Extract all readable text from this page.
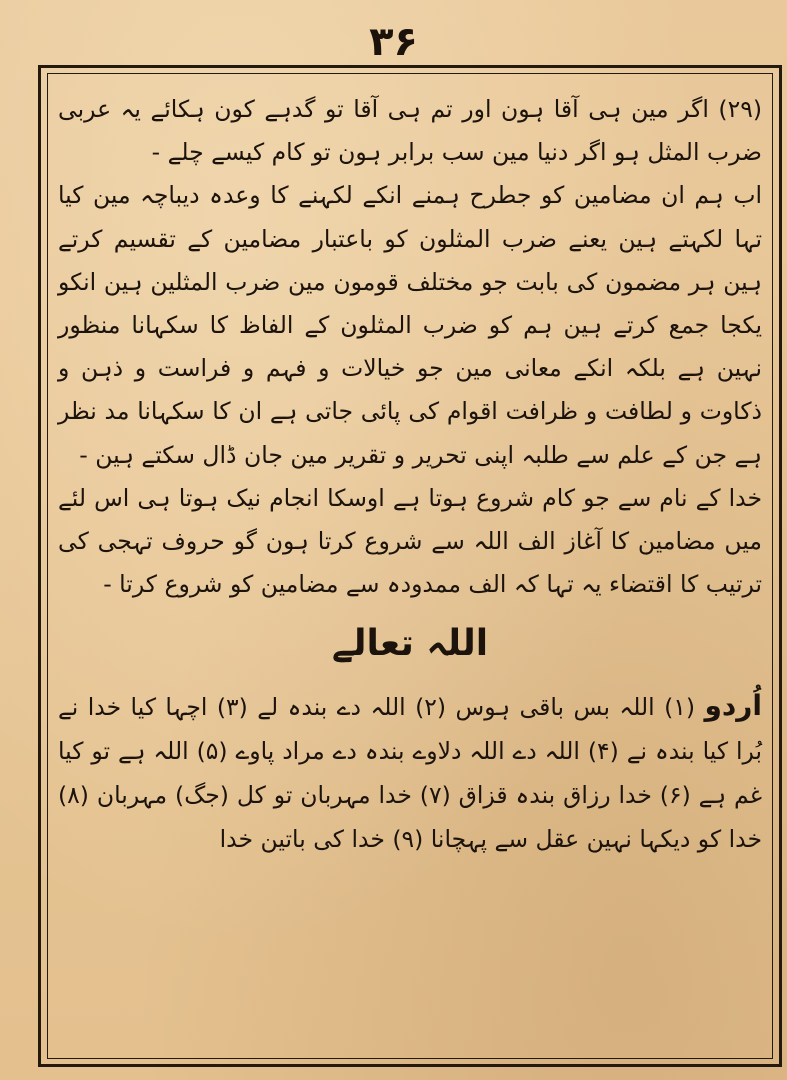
۳۶

(۲۹) اگر مین ہی آقا ہون اور تم ہی آقا تو گدہے کون ہکائے یہ عربی ضرب المثل ہو اگر دنیا مین سب برابر ہون تو کام کیسے چلے -

اب ہم ان مضامین کو جطرح ہمنے انکے لکہنے کا وعدہ دیباچہ مین کیا تہا لکہتے ہین یعنے ضرب المثلون کو باعتبار مضامین کے تقسیم کرتے ہین ہر مضمون کی بابت جو مختلف قومون مین ضرب المثلین ہین انکو یکجا جمع کرتے ہین ہم کو ضرب المثلون کے الفاظ کا سکہانا منظور نہین ہے بلکہ انکے معانی مین جو خیالات و فہم و فراست و ذہن و ذکاوت و لطافت و ظرافت اقوام کی پائی جاتی ہے ان کا سکہانا مد نظر ہے جن کے علم سے طلبہ اپنی تحریر و تقریر مین جان ڈال سکتے ہین -

خدا کے نام سے جو کام شروع ہوتا ہے اوسکا انجام نیک ہوتا ہی اس لئے میں مضامین کا آغاز الف اللہ سے شروع کرتا ہون گو حروف تہجی کی ترتیب کا اقتضاء یہ تہا کہ الف ممدودہ سے مضامین کو شروع کرتا -

اللہ تعالے

اُردو (۱) اللہ بس باقی ہوس (۲) اللہ دے بندہ لے (۳) اچہا کیا خدا نے بُرا کیا بندہ نے (۴) اللہ دے اللہ دلاوے بندہ دے مراد پاوے (۵) اللہ ہے تو کیا غم ہے (۶) خدا رزاق بندہ قزاق (۷) خدا مہربان تو کل (جگ) مہربان (۸) خدا کو دیکہا نہین عقل سے پہچانا (۹) خدا کی باتین خدا
